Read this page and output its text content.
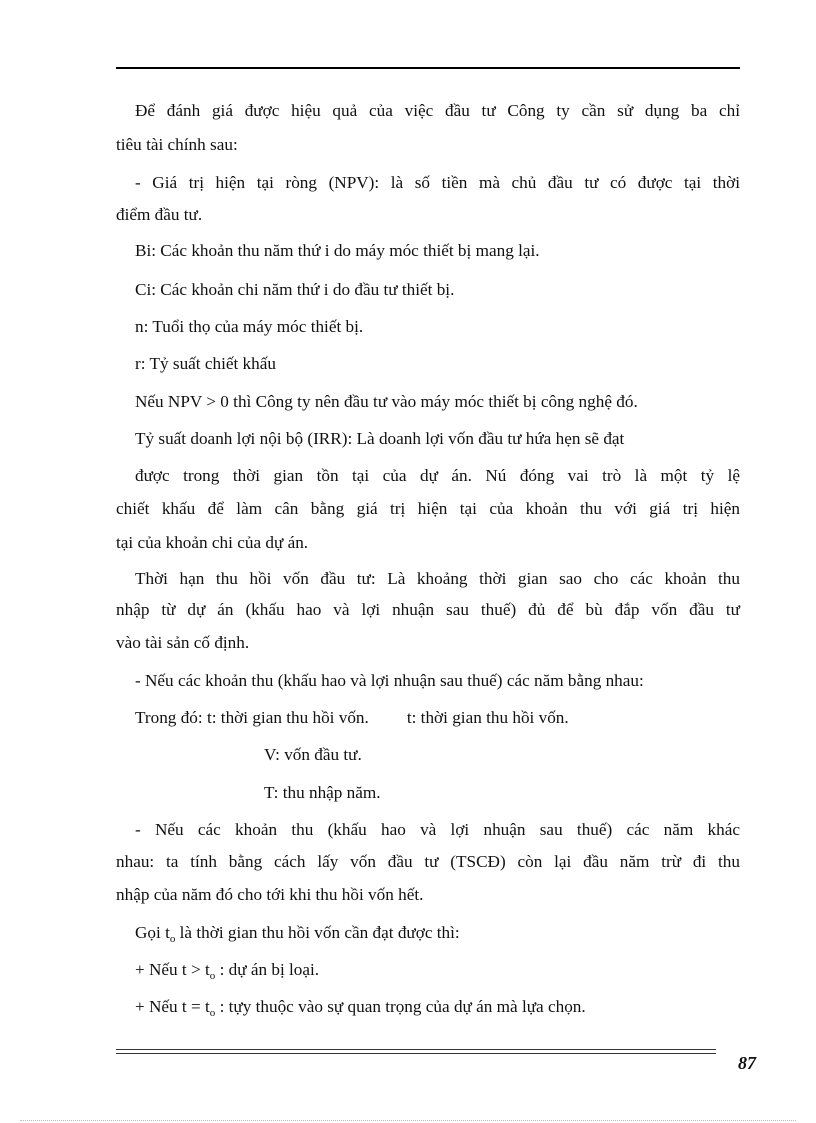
Để đánh giá được hiệu quả của việc đầu tư Công ty cần sử dụng ba chỉ
tiêu tài chính sau:
- Giá trị hiện tại ròng (NPV): là số tiền mà chủ đầu tư có được tại thời
điểm đầu tư.
Bi: Các khoản thu năm thứ i do máy móc thiết bị mang lại.
Ci: Các khoản chi năm thứ i do đầu tư thiết bị.
n: Tuổi thọ của máy móc thiết bị.
r: Tỷ suất chiết khấu
Nếu NPV > 0 thì Công ty nên đầu tư vào máy móc thiết bị công nghệ đó.
Tỷ suất doanh lợi nội bộ (IRR): Là doanh lợi vốn đầu tư hứa hẹn sẽ đạt
được trong thời gian tồn tại của dự án. Nú đóng vai trò là một tỷ lệ
chiết khấu để làm cân bằng giá trị hiện tại của khoản thu với giá trị hiện
tại của khoản chi của dự án.
Thời hạn thu hồi vốn đầu tư: Là khoảng thời gian sao cho các khoản thu
nhập từ dự án (khấu hao và lợi nhuận sau thuế) đủ để bù đắp vốn đầu tư
vào tài sản cố định.
- Nếu các khoản thu (khấu hao và lợi nhuận sau thuế) các năm bằng nhau:
Trong đó: t: thời gian thu hồi vốn. t: thời gian thu hồi vốn.
V: vốn đầu tư.
T: thu nhập năm.
- Nếu các khoản thu (khấu hao và lợi nhuận sau thuế) các năm khác
nhau: ta tính bằng cách lấy vốn đầu tư (TSCĐ) còn lại đầu năm trừ đi thu
nhập của năm đó cho tới khi thu hồi vốn hết.
Gọi $t_o$ là thời gian thu hồi vốn cần đạt được thì:
+ Nếu $t > t_o$ : dự án bị loại.
+ Nếu $t = t_o$ : tựy thuộc vào sự quan trọng của dự án mà lựa chọn.
87
